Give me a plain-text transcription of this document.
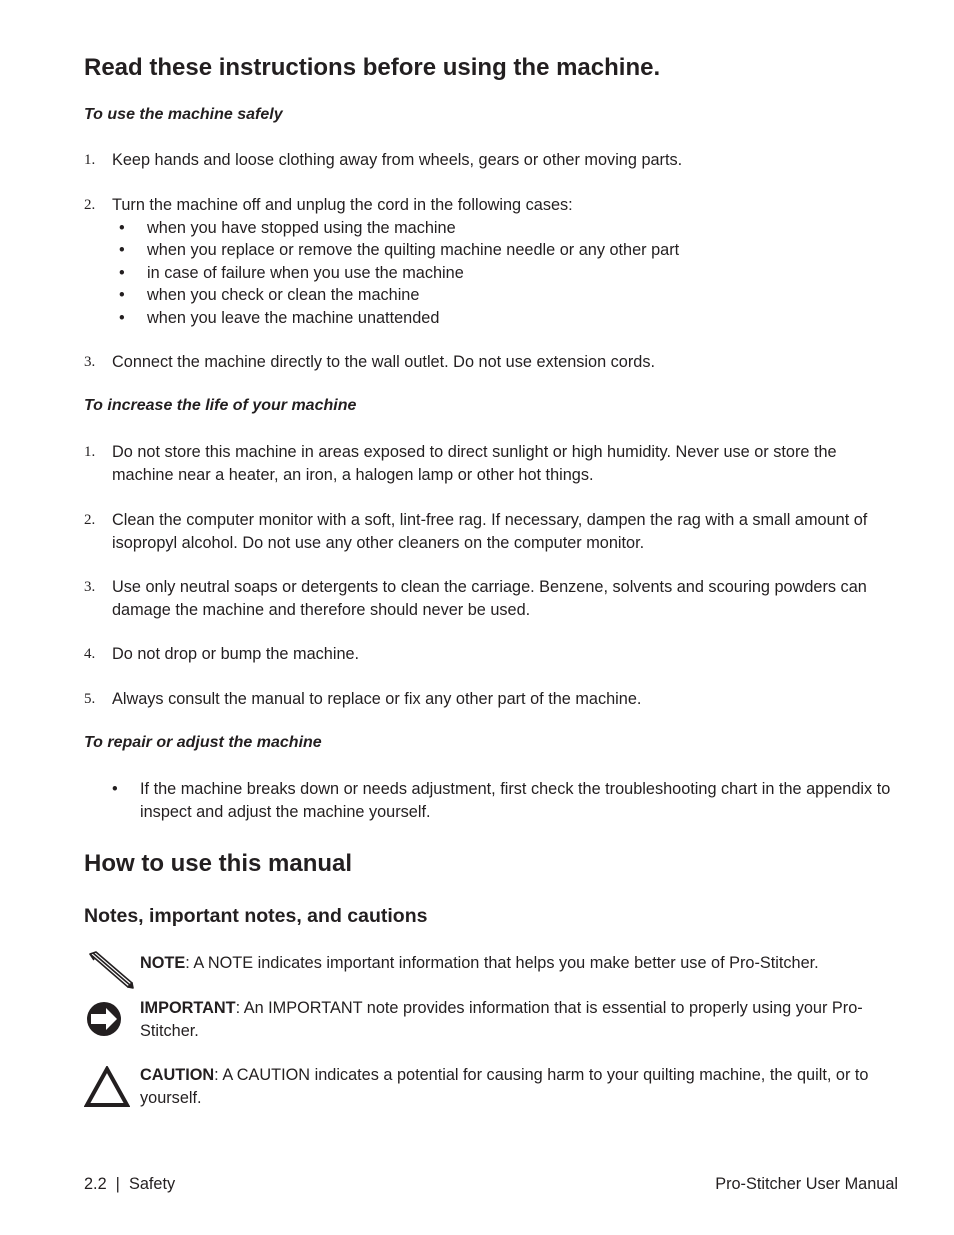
Read these instructions before using the machine.
To use the machine safely
1. Keep hands and loose clothing away from wheels, gears or other moving parts.
2. Turn the machine off and unplug the cord in the following cases:
• when you have stopped using the machine
• when you replace or remove the quilting machine needle or any other part
• in case of failure when you use the machine
• when you check or clean the machine
• when you leave the machine unattended
3. Connect the machine directly to the wall outlet. Do not use extension cords.
To increase the life of your machine
1. Do not store this machine in areas exposed to direct sunlight or high humidity. Never use or store the machine near a heater, an iron, a halogen lamp or other hot things.
2. Clean the computer monitor with a soft, lint-free rag. If necessary, dampen the rag with a small amount of isopropyl alcohol. Do not use any other cleaners on the computer monitor.
3. Use only neutral soaps or detergents to clean the carriage. Benzene, solvents and scouring powders can damage the machine and therefore should never be used.
4. Do not drop or bump the machine.
5. Always consult the manual to replace or fix any other part of the machine.
To repair or adjust the machine
• If the machine breaks down or needs adjustment, first check the troubleshooting chart in the appendix to inspect and adjust the machine yourself.
How to use this manual
Notes, important notes, and cautions
NOTE: A NOTE indicates important information that helps you make better use of Pro-Stitcher.
IMPORTANT: An IMPORTANT note provides information that is essential to properly using your Pro-Stitcher.
CAUTION: A CAUTION indicates a potential for causing harm to your quilting machine, the quilt, or to yourself.
2.2  |  Safety	Pro-Stitcher User Manual
